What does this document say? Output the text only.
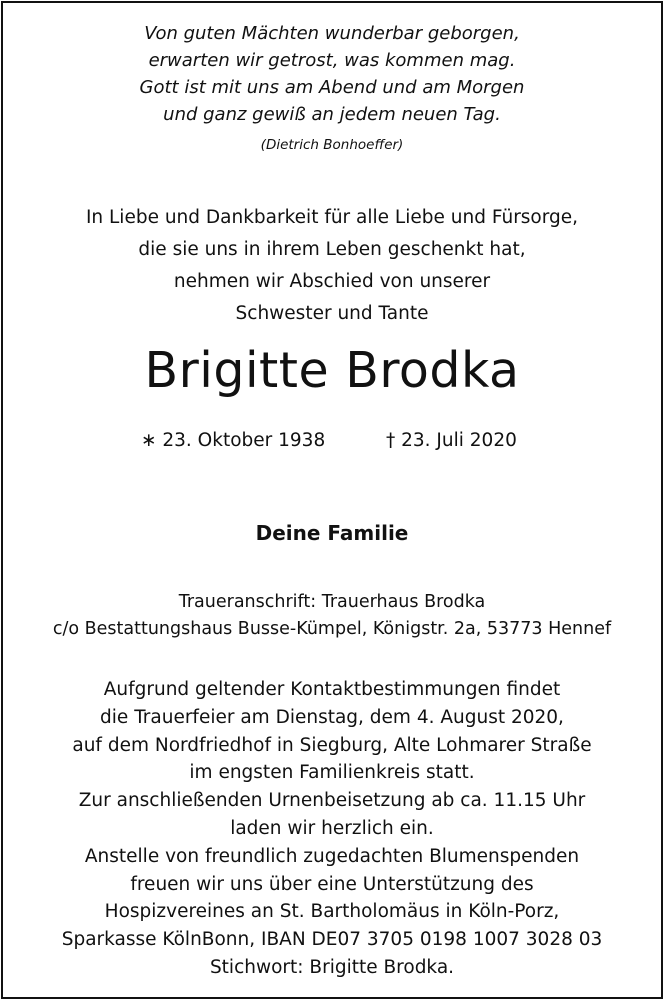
Von guten Mächten wunderbar geborgen,
erwarten wir getrost, was kommen mag.
Gott ist mit uns am Abend und am Morgen
und ganz gewiß an jedem neuen Tag.
(Dietrich Bonhoeffer)
In Liebe und Dankbarkeit für alle Liebe und Fürsorge,
die sie uns in ihrem Leben geschenkt hat,
nehmen wir Abschied von unserer
Schwester und Tante
Brigitte Brodka
∗ 23. Oktober 1938	† 23. Juli 2020
Deine Familie
Traueranschrift: Trauerhaus Brodka
c/o Bestattungshaus Busse-Kümpel, Königstr. 2a, 53773 Hennef
Aufgrund geltender Kontaktbestimmungen findet
die Trauerfeier am Dienstag, dem 4. August 2020,
auf dem Nordfriedhof in Siegburg, Alte Lohmarer Straße
im engsten Familienkreis statt.
Zur anschließenden Urnenbeisetzung ab ca. 11.15 Uhr
laden wir herzlich ein.
Anstelle von freundlich zugedachten Blumenspenden
freuen wir uns über eine Unterstützung des
Hospizvereines an St. Bartholomäus in Köln-Porz,
Sparkasse KölnBonn, IBAN DE07 3705 0198 1007 3028 03
Stichwort: Brigitte Brodka.
